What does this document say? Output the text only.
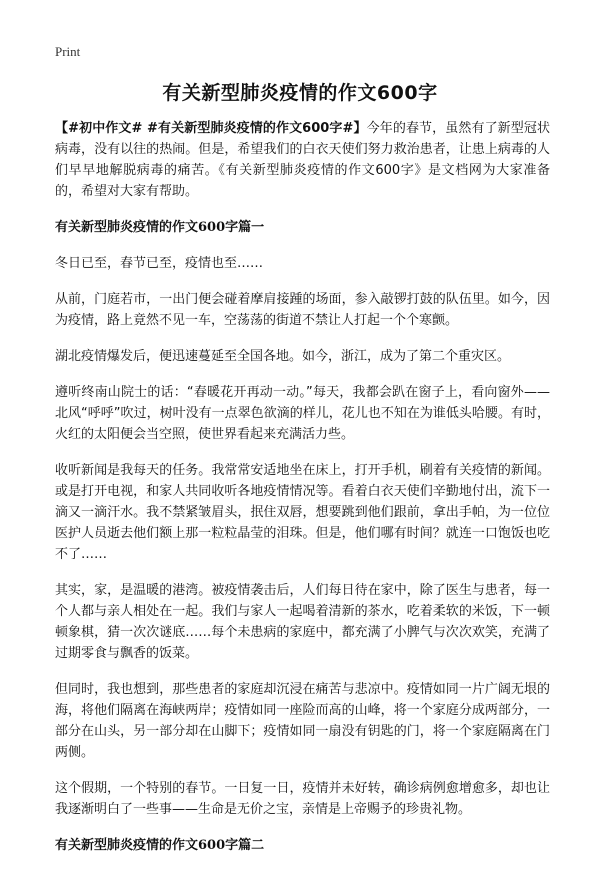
Print
有关新型肺炎疫情的作文600字

【#初中作文# #有关新型肺炎疫情的作文600字#】今年的春节，虽然有了新型冠状病毒，没有以往的热闹。但是，希望我们的白衣天使们努力救治患者，让患上病毒的人们早早地解脱病毒的痛苦。《有关新型肺炎疫情的作文600字》是文档网为大家准备的，希望对大家有帮助。

有关新型肺炎疫情的作文600字篇一

冬日已至，春节已至，疫情也至……

从前，门庭若市，一出门便会碰着摩肩接踵的场面，参入敲锣打鼓的队伍里。如今，因为疫情，路上竟然不见一车，空荡荡的街道不禁让人打起一个个寒颤。

湖北疫情爆发后，便迅速蔓延至全国各地。如今，浙江，成为了第二个重灾区。

遵听终南山院士的话：“春暖花开再动一动。”每天，我都会趴在窗子上，看向窗外——北风“呼呼”吹过，树叶没有一点翠色欲滴的样儿，花儿也不知在为谁低头哈腰。有时，火红的太阳便会当空照，使世界看起来充满活力些。

收听新闻是我每天的任务。我常常安适地坐在床上，打开手机，刷着有关疫情的新闻。或是打开电视，和家人共同收听各地疫情情况等。看着白衣天使们辛勤地付出，流下一滴又一滴汗水。我不禁紧皱眉头，抿住双唇，想要跳到他们跟前，拿出手帕，为一位位医护人员逝去他们额上那一粒粒晶莹的泪珠。但是，他们哪有时间？就连一口饱饭也吃不了……

其实，家，是温暖的港湾。被疫情袭击后，人们每日待在家中，除了医生与患者，每一个人都与亲人相处在一起。我们与家人一起喝着清新的茶水，吃着柔软的米饭，下一顿顿象棋，猜一次次谜底……每个未患病的家庭中，都充满了小脾气与次次欢笑，充满了过期零食与飘香的饭菜。

但同时，我也想到，那些患者的家庭却沉浸在痛苦与悲凉中。疫情如同一片广阔无垠的海，将他们隔离在海峡两岸；疫情如同一座险而高的山峰，将一个家庭分成两部分，一部分在山头，另一部分却在山脚下；疫情如同一扇没有钥匙的门，将一个家庭隔离在门两侧。

这个假期，一个特别的春节。一日复一日，疫情并未好转，确诊病例愈增愈多，却也让我逐渐明白了一些事——生命是无价之宝，亲情是上帝赐予的珍贵礼物。

有关新型肺炎疫情的作文600字篇二
